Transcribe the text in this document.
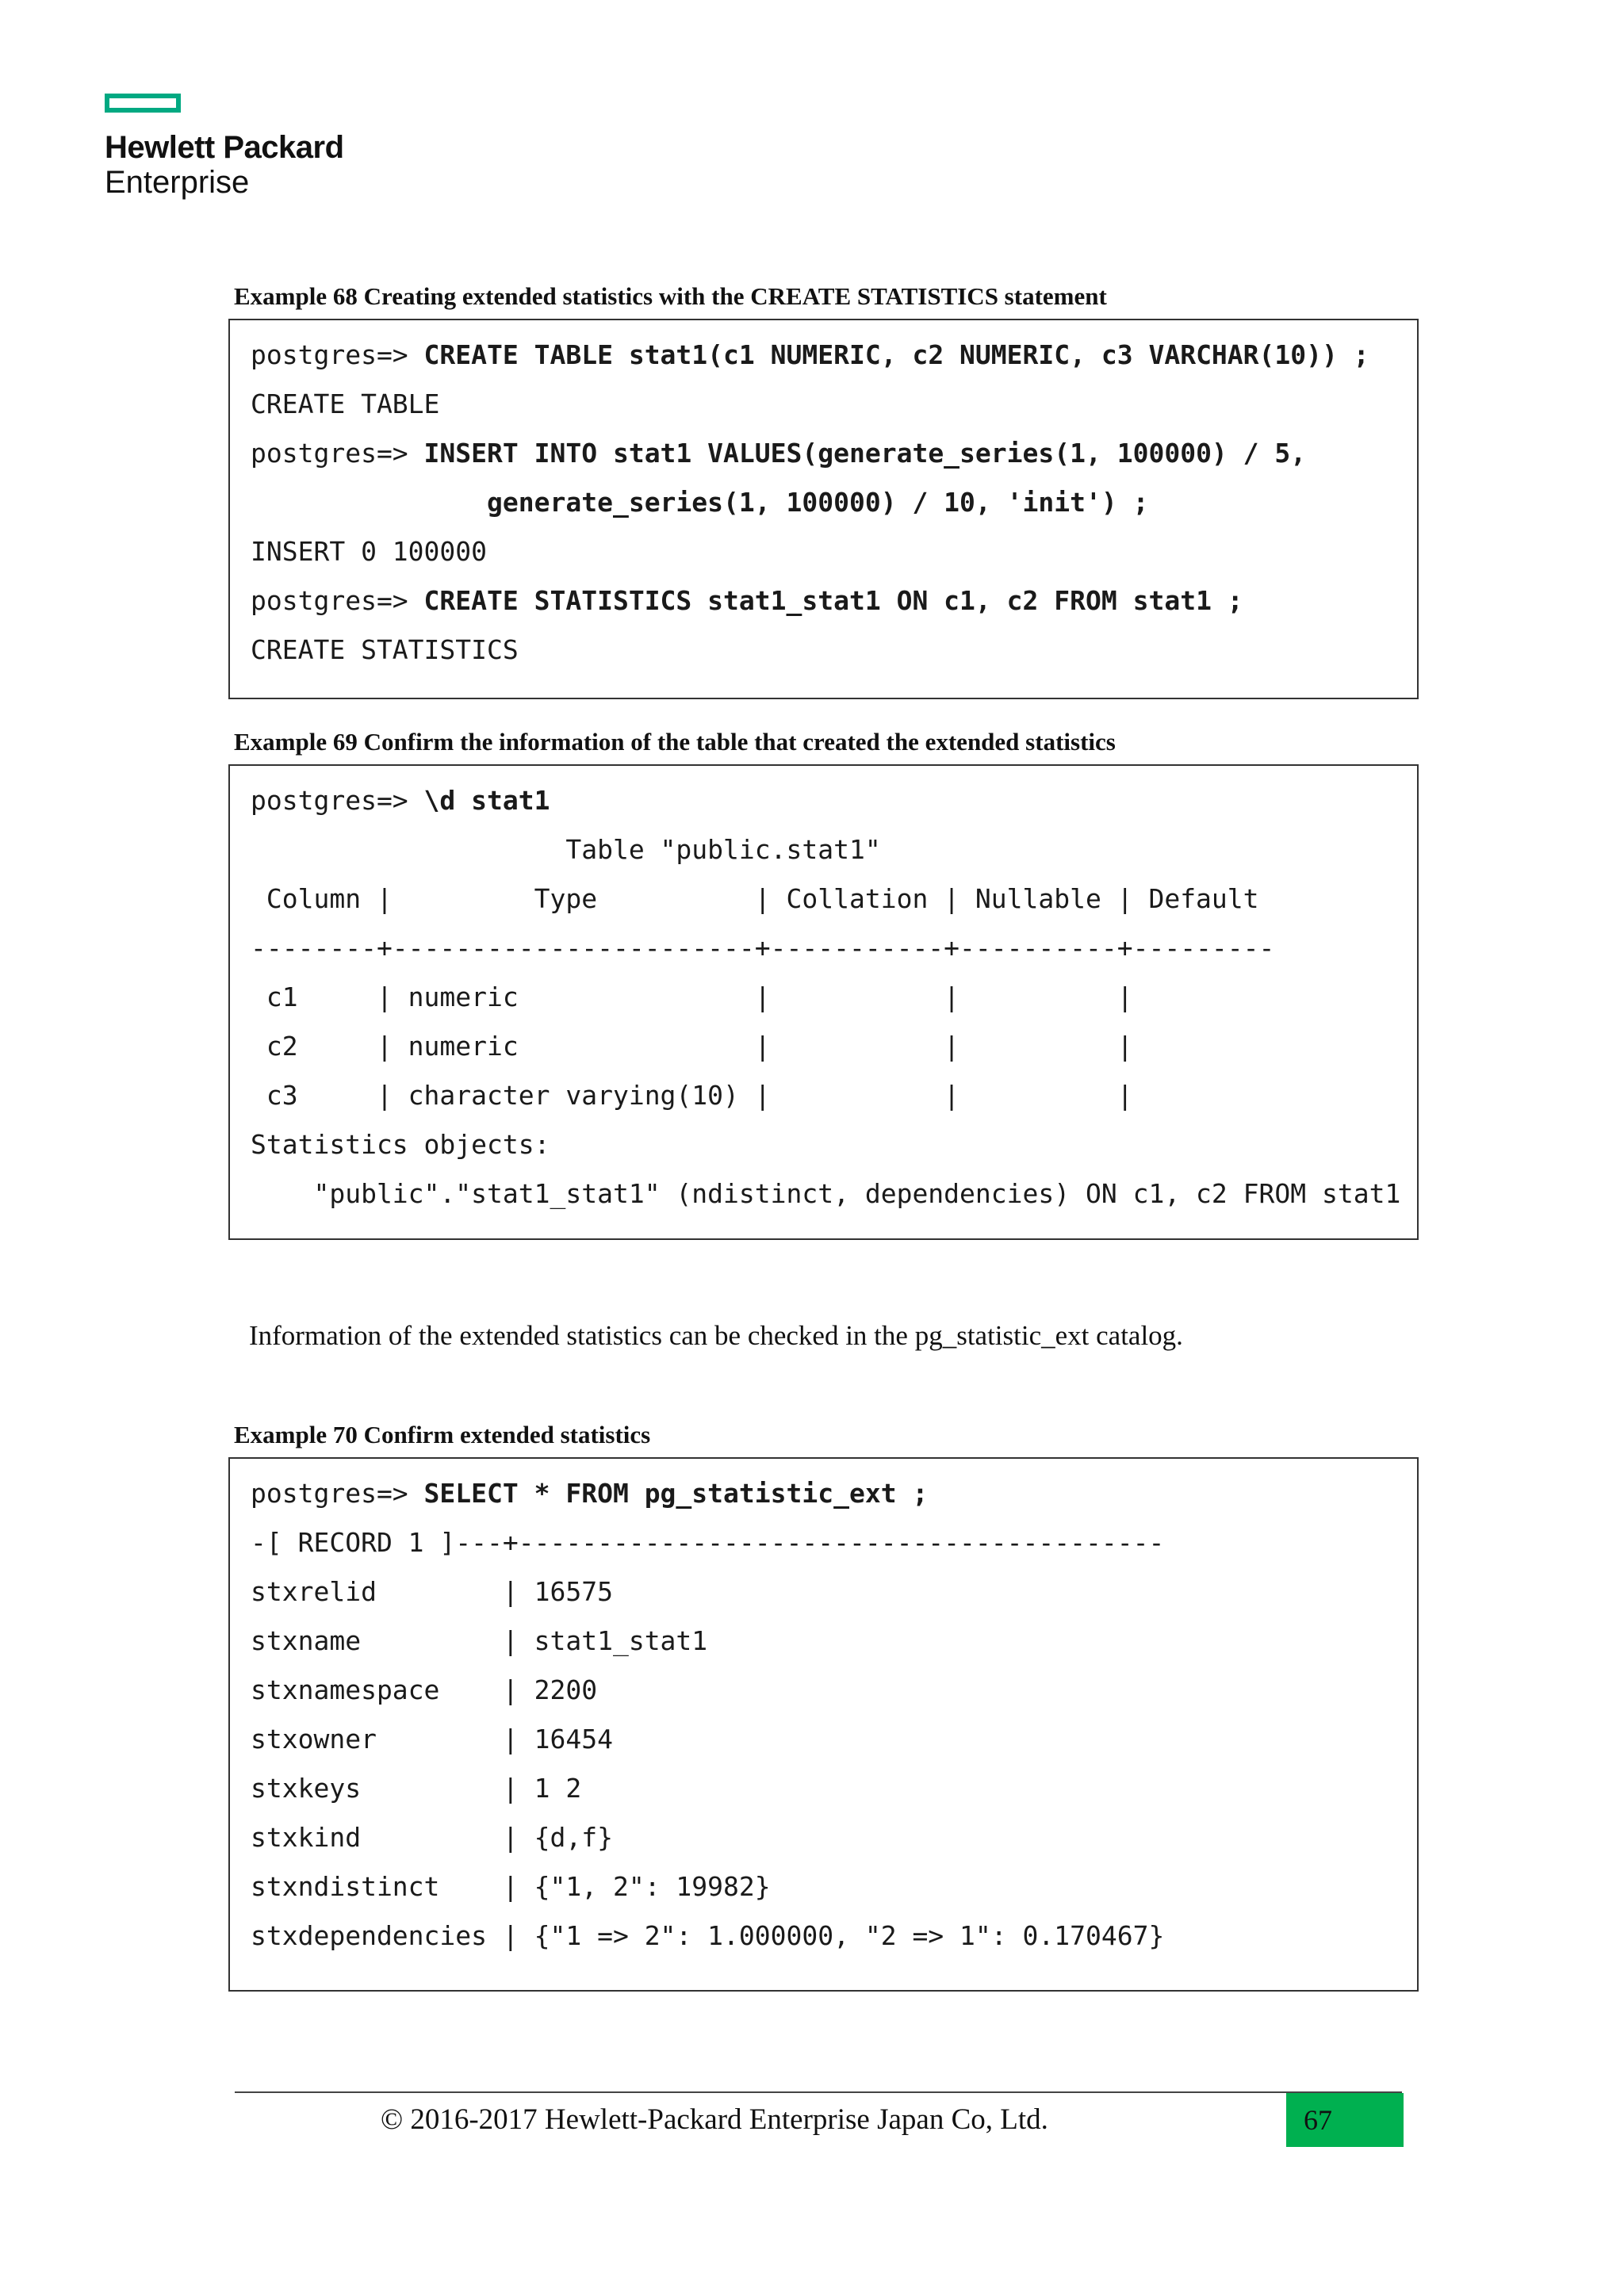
Hewlett Packard
Enterprise
Example 68 Creating extended statistics with the CREATE STATISTICS statement
postgres=> CREATE TABLE stat1(c1 NUMERIC, c2 NUMERIC, c3 VARCHAR(10)) ;
CREATE TABLE
postgres=> INSERT INTO stat1 VALUES(generate_series(1, 100000) / 5,
generate_series(1, 100000) / 10, 'init') ;
INSERT 0 100000
postgres=> CREATE STATISTICS stat1_stat1 ON c1, c2 FROM stat1 ;
CREATE STATISTICS
Example 69 Confirm the information of the table that created the extended statistics
postgres=> \d stat1
Table "public.stat1"
Column |         Type          | Collation | Nullable | Default
--------+-----------------------+-----------+----------+---------
c1     | numeric               |           |          |
c2     | numeric               |           |          |
c3     | character varying(10) |           |          |
Statistics objects:
"public"."stat1_stat1" (ndistinct, dependencies) ON c1, c2 FROM stat1
Information of the extended statistics can be checked in the pg_statistic_ext catalog.
Example 70 Confirm extended statistics
postgres=> SELECT * FROM pg_statistic_ext ;
-[ RECORD 1 ]---+-----------------------------------------
stxrelid        | 16575
stxname         | stat1_stat1
stxnamespace    | 2200
stxowner        | 16454
stxkeys         | 1 2
stxkind         | {d,f}
stxndistinct    | {"1, 2": 19982}
stxdependencies | {"1 => 2": 1.000000, "2 => 1": 0.170467}
© 2016-2017 Hewlett-Packard Enterprise Japan Co, Ltd.	67
